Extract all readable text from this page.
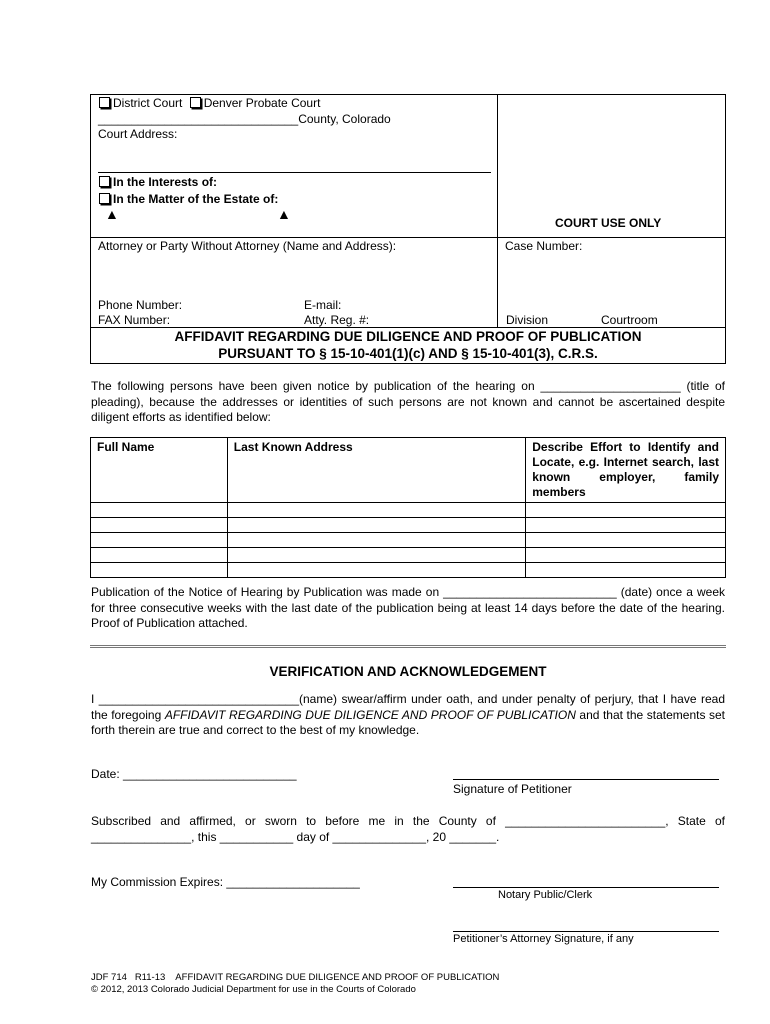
District Court Denver Probate Court
______________________________County, Colorado
Court Address:
In the Interests of:
In the Matter of the Estate of:
▲	▲
COURT USE ONLY
Attorney or Party Without Attorney (Name and Address):	Case Number:
Phone Number:	E-mail:
FAX Number:	Atty. Reg. #:	Division	Courtroom
AFFIDAVIT REGARDING DUE DILIGENCE AND PROOF OF PUBLICATION
PURSUANT TO § 15-10-401(1)(c) AND § 15-10-401(3), C.R.S.
The following persons have been given notice by publication of the hearing on _____________________ (title of pleading), because the addresses or identities of such persons are not known and cannot be ascertained despite diligent efforts as identified below:
Full Name	Last Known Address	Describe Effort to Identify and Locate, e.g. Internet search, last known employer, family members

Publication of the Notice of Hearing by Publication was made on __________________________ (date) once a week for three consecutive weeks with the last date of the publication being at least 14 days before the date of the hearing. Proof of Publication attached.
VERIFICATION AND ACKNOWLEDGEMENT
I ______________________________(name) swear/affirm under oath, and under penalty of perjury, that I have read the foregoing AFFIDAVIT REGARDING DUE DILIGENCE AND PROOF OF PUBLICATION and that the statements set forth therein are true and correct to the best of my knowledge.
Date: __________________________
Signature of Petitioner
Subscribed and affirmed, or sworn to before me in the County of ________________________, State of _______________, this ___________ day of ______________, 20 _______.
My Commission Expires: ____________________
Notary Public/Clerk
Petitioner’s Attorney Signature, if any
JDF 714   R11-13    AFFIDAVIT REGARDING DUE DILIGENCE AND PROOF OF PUBLICATION
© 2012, 2013 Colorado Judicial Department for use in the Courts of Colorado
